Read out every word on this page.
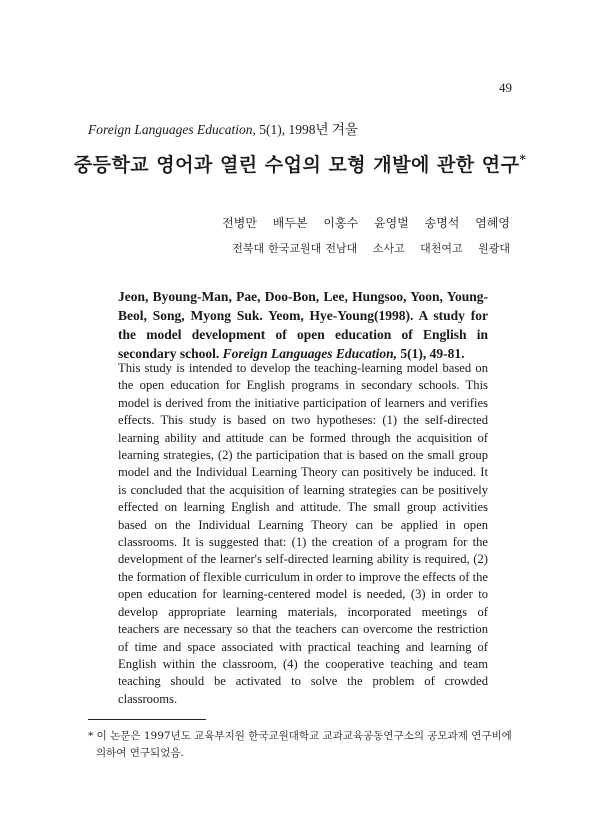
49
Foreign Languages Education, 5(1), 1998년 겨울
중등학교 영어과 열린 수업의 모형 개발에 관한 연구*
전병만 배두본 이홍수 윤영벌 송명석 염혜영
전북대 한국교원대 전남대 소사고 대천여고 원광대
Jeon, Byoung-Man, Pae, Doo-Bon, Lee, Hungsoo, Yoon, Young-Beol, Song, Myong Suk. Yeom, Hye-Young(1998). A study for the model development of open education of English in secondary school. Foreign Languages Education, 5(1), 49-81.
This study is intended to develop the teaching-learning model based on the open education for English programs in secondary schools. This model is derived from the initiative participation of learners and verifies effects. This study is based on two hypotheses: (1) the self-directed learning ability and attitude can be formed through the acquisition of learning strategies, (2) the participation that is based on the small group model and the Individual Learning Theory can positively be induced. It is concluded that the acquisition of learning strategies can be positively effected on learning English and attitude. The small group activities based on the Individual Learning Theory can be applied in open classrooms. It is suggested that: (1) the creation of a program for the development of the learner's self-directed learning ability is required, (2) the formation of flexible curriculum in order to improve the effects of the open education for learning-centered model is needed, (3) in order to develop appropriate learning materials, incorporated meetings of teachers are necessary so that the teachers can overcome the restriction of time and space associated with practical teaching and learning of English within the classroom, (4) the cooperative teaching and team teaching should be activated to solve the problem of crowded classrooms.
* 이 논문은 1997년도 교육부지원 한국교원대학교 교과교육공동연구소의 공모과제 연구비에
의하여 연구되었음.
